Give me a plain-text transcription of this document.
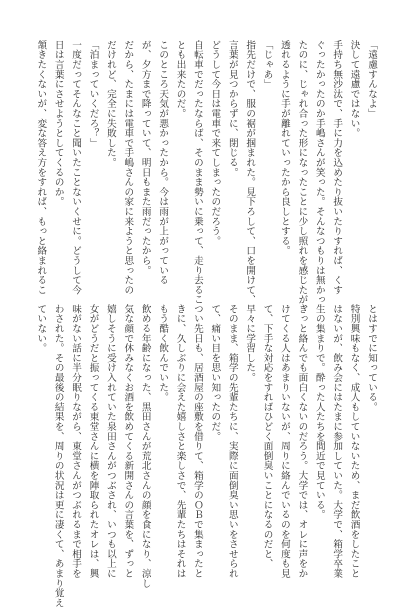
「遠慮すんなよ」

決して遠慮ではない。

手持ち無沙汰で、手に力を込めたり抜いたりすれば、くす

ぐったかったのか手嶋さんが笑った。そんなつもりは無かっ

たのに、じゃれ合った形になったことに少し照れを感じたが、

透れるように手が離れていったから良しとする。

「じゃあ」

指先だけで、服の裾が掴まれた。見下ろして、口を開けて、

言葉が見つからずに、閉じる。

どうして今日は電車で来てしまったのだろう。

自転車でだったならば、そのまま勢いに乗って、走り去るこ

とも出来たのだ。

このところ天気が悪かったから。今は雨が上がっている

が、夕方まで降っていて、明日もまた雨だったから。

だから、たまには電車で手嶋さんの家に来ようと思ったの

だけれど、完全に失敗した。

「泊まっていくだろ？」

一度だってそんなこと聞いたことないくせに。どうして今

日は言葉にさせようとしてくるのか。

頷きたくないが、変な答え方をすれば、もっと絡まれるこ

とはすでに知っている。

特別興味もなく、成人もしていないため、まだ飲酒をしたこと

はないが、飲み会にはたまに参加していた。大学で、箱学卒業

生の集まりで。酔った人たちを間近で見ている。

きっと絡んでも面白くないのだろう。大学では、オレに声をか

けてくる人はあまりいないが、周りに絡んでいるのを何度も見

て、下手な対応をすればひどく面倒臭いことになるのだと、

早々に学習した。

そのまま、箱学の先輩たちに、実際に面倒臭い思いをさせられ

て、痛い目を思い知ったのだ。

つい先日も、居酒屋の座敷を借りて、箱学のＯＢで集まったと

きに、久しぶりに会えた嬉しさと楽しさで、先輩たちはそれは

もう酷く飲んでいた。

飲める年齢になった、黒田さんが荒北さんの顔を食になり、涼し

気な顔で休みなくお酒を飲めてくる新開さんの言葉を、ずっと

嬉しそうに受け入れていた泉田さんがつぶされ、いつも以上に

女がどうだと振ってくる東堂さんに横を陣取られたオレは、興

味がない話に半分眠りながら、東堂さんがつぶれるまで相手を

わされた。その最後の結果を、周りの状況は更に凄くて、あまり覚え

ていない。
